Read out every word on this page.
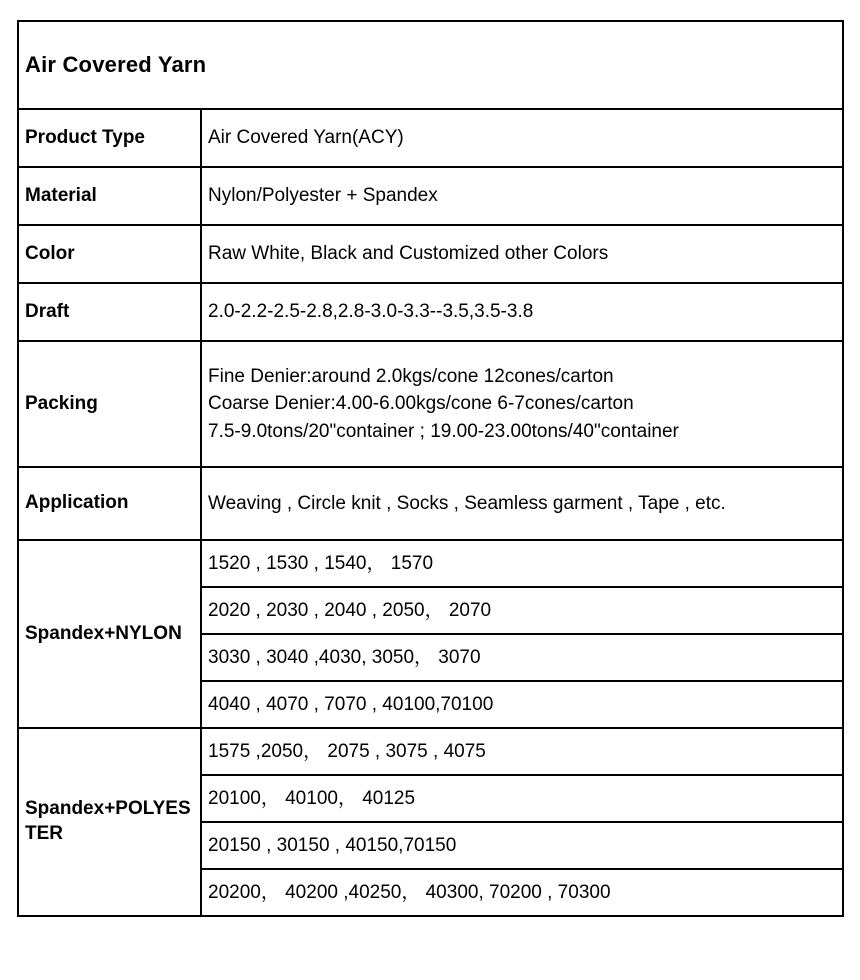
Air Covered Yarn	
Product Type	Air Covered Yarn(ACY)
Material	Nylon/Polyester + Spandex
Color	Raw White, Black and Customized other Colors
Draft	2.0-2.2-2.5-2.8,2.8-3.0-3.3--3.5,3.5-3.8
Packing	Fine Denier:around 2.0kgs/cone 12cones/carton
Coarse Denier:4.00-6.00kgs/cone 6-7cones/carton
7.5-9.0tons/20"container ; 19.00-23.00tons/40"container

Application	Weaving , Circle knit , Socks , Seamless garment , Tape , etc.
Spandex+NYLON	1520 , 1530 , 1540， 1570
	2020 , 2030 , 2040 , 2050， 2070
	3030 , 3040 ,4030, 3050， 3070
	4040 , 4070 , 7070 , 40100,70100
Spandex+POLYESTER	1575 ,2050， 2075 , 3075 , 4075
	20100， 40100， 40125
	20150 , 30150 , 40150,70150
	20200， 40200 ,40250， 40300, 70200 , 70300
